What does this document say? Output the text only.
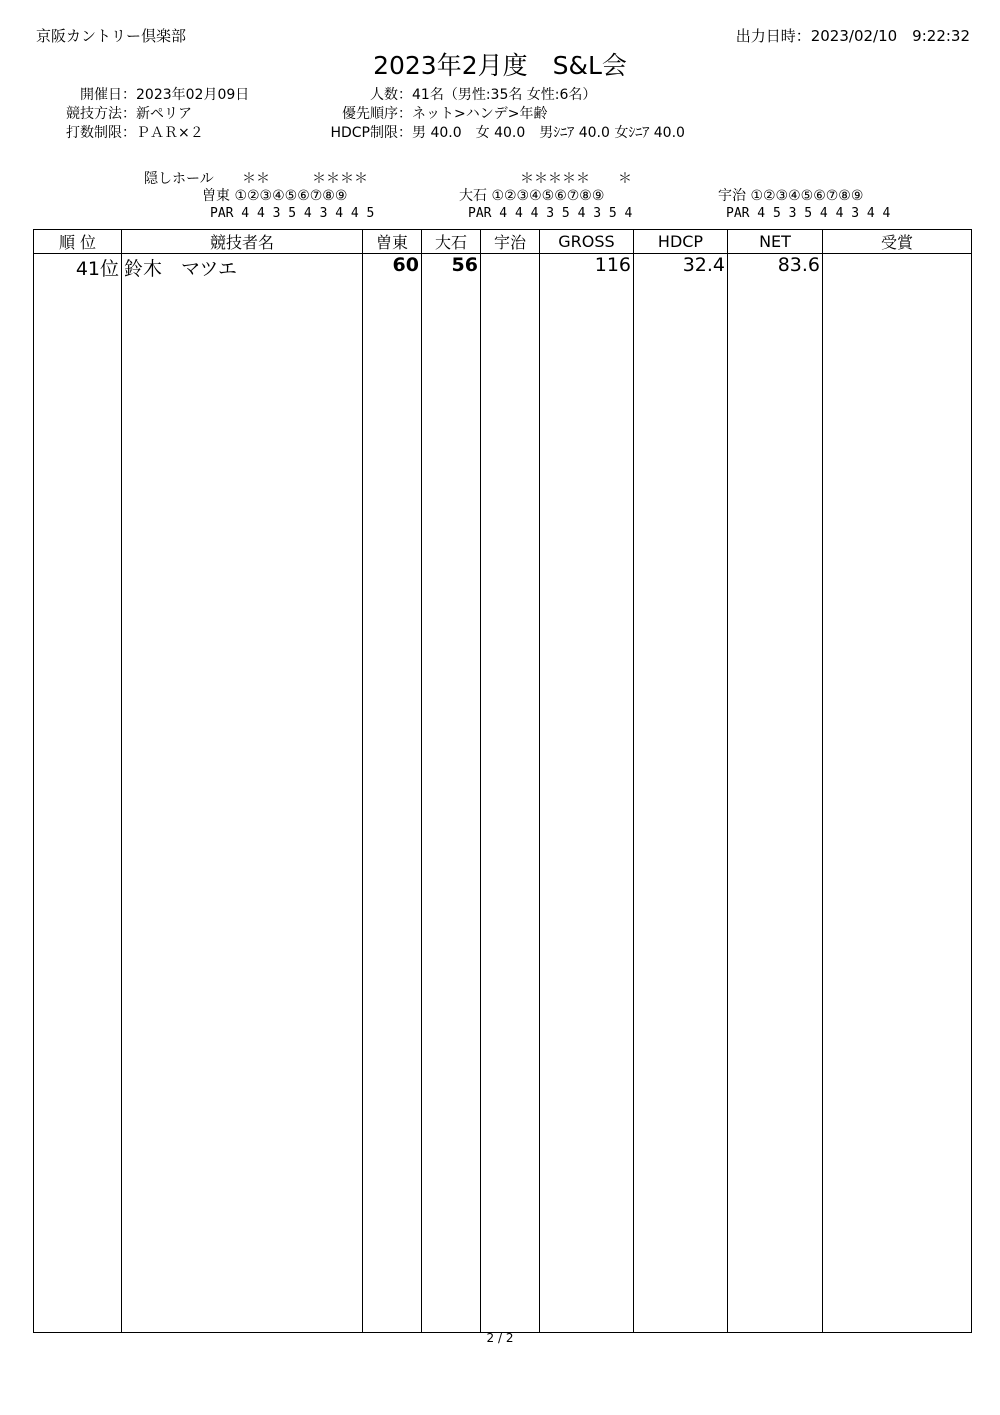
京阪カントリー倶楽部	出力日時：2023/02/10　9:22:32
2023年2月度　S&L会
開催日：2023年02月09日
競技方法：新ペリア
打数制限：ＰＡＲ×２
人数：41名（男性:35名 女性:6名）
優先順序：ネット>ハンデ>年齢
HDCP制限：男 40.0　女 40.0　男ｼﾆｱ 40.0 女ｼﾆｱ 40.0
隠しホール ＊＊　　　＊＊＊＊	＊＊＊＊＊　　＊
曽東 ①②③④⑤⑥⑦⑧⑨
PAR 4 4 3 5 4 3 4 4 5
大石 ①②③④⑤⑥⑦⑧⑨
PAR 4 4 4 3 5 4 3 5 4
宇治 ①②③④⑤⑥⑦⑧⑨
PAR 4 5 3 5 4 4 3 4 4
順 位	競技者名	曽東	大石	宇治	GROSS	HDCP	NET	受賞
41位	鈴木　マツエ	60	56		116	32.4	83.6	

2 / 2
